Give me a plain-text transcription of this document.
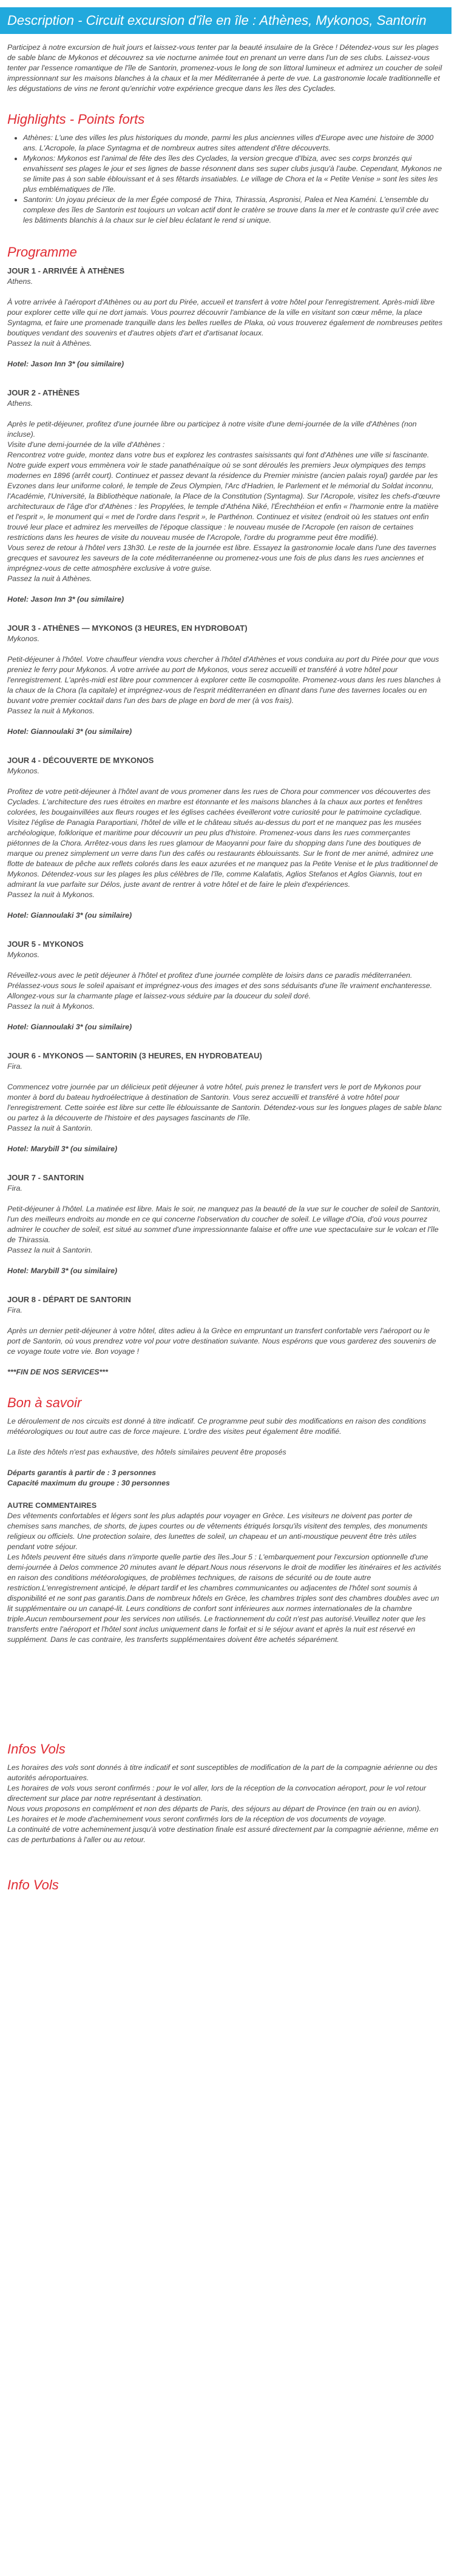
Description - Circuit excursion d'île en île : Athènes, Mykonos, Santorin

Participez à notre excursion de huit jours et laissez-vous tenter par la beauté insulaire de la Grèce ! Détendez-vous sur les plages de sable blanc de Mykonos et découvrez sa vie nocturne animée tout en prenant un verre dans l'un de ses clubs. Laissez-vous tenter par l'essence romantique de l'île de Santorin, promenez-vous le long de son littoral lumineux et admirez un coucher de soleil impressionnant sur les maisons blanches à la chaux et la mer Méditerranée à perte de vue. La gastronomie locale traditionnelle et les dégustations de vins ne feront qu'enrichir votre expérience grecque dans les îles des Cyclades.

Highlights - Points forts
• Athènes: L'une des villes les plus historiques du monde, parmi les plus anciennes villes d'Europe avec une histoire de 3000 ans. L'Acropole, la place Syntagma et de nombreux autres sites attendent d'être découverts.
• Mykonos: Mykonos est l'animal de fête des îles des Cyclades, la version grecque d'Ibiza, avec ses corps bronzés qui envahissent ses plages le jour et ses lignes de basse résonnent dans ses super clubs jusqu'à l'aube. Cependant, Mykonos ne se limite pas à son sable éblouissant et à ses fêtards insatiables. Le village de Chora et la « Petite Venise » sont les sites les plus emblématiques de l'île.
• Santorin: Un joyau précieux de la mer Égée composé de Thira, Thirassia, Aspronisi, Palea et Nea Kaméni. L'ensemble du complexe des îles de Santorin est toujours un volcan actif dont le cratère se trouve dans la mer et le contraste qu'il crée avec les bâtiments blanchis à la chaux sur le ciel bleu éclatant le rend si unique.
Programme
JOUR 1 - ARRIVÉE À ATHÈNES
Athens.

À votre arrivée à l'aéroport d'Athènes ou au port du Pirée, accueil et transfert à votre hôtel pour l'enregistrement. Après-midi libre pour explorer cette ville qui ne dort jamais. Vous pourrez découvrir l'ambiance de la ville en visitant son cœur même, la place Syntagma, et faire une promenade tranquille dans les belles ruelles de Plaka, où vous trouverez également de nombreuses petites boutiques vendant des souvenirs et d'autres objets d'art et d'artisanat locaux.

Passez la nuit à Athènes.

Hotel: Jason Inn 3* (ou similaire)
JOUR 2 - ATHÈNES
Athens.

Après le petit-déjeuner, profitez d'une journée libre ou participez à notre visite d'une demi-journée de la ville d'Athènes (non incluse).

Visite d'une demi-journée de la ville d'Athènes :

Rencontrez votre guide, montez dans votre bus et explorez les contrastes saisissants qui font d'Athènes une ville si fascinante. Notre guide expert vous emmènera voir le stade panathénaïque où se sont déroulés les premiers Jeux olympiques des temps modernes en 1896 (arrêt court). Continuez et passez devant la résidence du Premier ministre (ancien palais royal) gardée par les Evzones dans leur uniforme coloré, le temple de Zeus Olympien, l'Arc d'Hadrien, le Parlement et le mémorial du Soldat inconnu, l'Académie, l'Université, la Bibliothèque nationale, la Place de la Constitution (Syntagma). Sur l'Acropole, visitez les chefs-d'œuvre architecturaux de l'âge d'or d'Athènes : les Propylées, le temple d'Athéna Niké, l'Érechthéion et enfin « l'harmonie entre la matière et l'esprit », le monument qui « met de l'ordre dans l'esprit », le Parthénon. Continuez et visitez (endroit où les statues ont enfin trouvé leur place et admirez les merveilles de l'époque classique : le nouveau musée de l'Acropole (en raison de certaines restrictions dans les heures de visite du nouveau musée de l'Acropole, l'ordre du programme peut être modifié).

Vous serez de retour à l'hôtel vers 13h30. Le reste de la journée est libre. Essayez la gastronomie locale dans l'une des tavernes grecques et savourez les saveurs de la cote méditerranéenne ou promenez-vous une fois de plus dans les rues anciennes et imprégnez-vous de cette atmosphère exclusive à votre guise.

Passez la nuit à Athènes.

Hotel: Jason Inn 3* (ou similaire)
JOUR 3 - ATHÈNES — MYKONOS (3 HEURES, EN HYDROBOAT)
Mykonos.

Petit-déjeuner à l'hôtel. Votre chauffeur viendra vous chercher à l'hôtel d'Athènes et vous conduira au port du Pirée pour que vous preniez le ferry pour Mykonos. À votre arrivée au port de Mykonos, vous serez accueilli et transféré à votre hôtel pour l'enregistrement. L'après-midi est libre pour commencer à explorer cette île cosmopolite. Promenez-vous dans les rues blanches à la chaux de la Chora (la capitale) et imprégnez-vous de l'esprit méditerranéen en dînant dans l'une des tavernes locales ou en buvant votre premier cocktail dans l'un des bars de plage en bord de mer (à vos frais).

Passez la nuit à Mykonos.

Hotel: Giannoulaki 3* (ou similaire)
JOUR 4 - DÉCOUVERTE DE MYKONOS
Mykonos.

Profitez de votre petit-déjeuner à l'hôtel avant de vous promener dans les rues de Chora pour commencer vos découvertes des Cyclades. L'architecture des rues étroites en marbre est étonnante et les maisons blanches à la chaux aux portes et fenêtres colorées, les bougainvillées aux fleurs rouges et les églises cachées éveilleront votre curiosité pour le patrimoine cycladique. Visitez l'église de Panagia Paraportiani, l'hôtel de ville et le château situés au-dessus du port et ne manquez pas les musées archéologique, folklorique et maritime pour découvrir un peu plus d'histoire. Promenez-vous dans les rues commerçantes piétonnes de la Chora. Arrêtez-vous dans les rues glamour de Maoyanni pour faire du shopping dans l'une des boutiques de marque ou prenez simplement un verre dans l'un des cafés ou restaurants éblouissants. Sur le front de mer animé, admirez une flotte de bateaux de pêche aux reflets colorés dans les eaux azurées et ne manquez pas la Petite Venise et le plus traditionnel de Mykonos. Détendez-vous sur les plages les plus célèbres de l'île, comme Kalafatis, Aglios Stefanos et Aglos Giannis, tout en admirant la vue parfaite sur Délos, juste avant de rentrer à votre hôtel et de faire le plein d'expériences.

Passez la nuit à Mykonos.

Hotel: Giannoulaki 3* (ou similaire)
JOUR 5 - MYKONOS
Mykonos.

Réveillez-vous avec le petit déjeuner à l'hôtel et profitez d'une journée complète de loisirs dans ce paradis méditerranéen. Prélassez-vous sous le soleil apaisant et imprégnez-vous des images et des sons séduisants d'une île vraiment enchanteresse. Allongez-vous sur la charmante plage et laissez-vous séduire par la douceur du soleil doré.

Passez la nuit à Mykonos.

Hotel: Giannoulaki 3* (ou similaire)
JOUR 6 - MYKONOS — SANTORIN (3 HEURES, EN HYDROBATEAU)
Fira.

Commencez votre journée par un délicieux petit déjeuner à votre hôtel, puis prenez le transfert vers le port de Mykonos pour monter à bord du bateau hydroélectrique à destination de Santorin. Vous serez accueilli et transféré à votre hôtel pour l'enregistrement. Cette soirée est libre sur cette île éblouissante de Santorin. Détendez-vous sur les longues plages de sable blanc ou partez à la découverte de l'histoire et des paysages fascinants de l'île.

Passez la nuit à Santorin.

Hotel: Marybill 3* (ou similaire)
JOUR 7 - SANTORIN
Fira.

Petit-déjeuner à l'hôtel. La matinée est libre. Mais le soir, ne manquez pas la beauté de la vue sur le coucher de soleil de Santorin, l'un des meilleurs endroits au monde en ce qui concerne l'observation du coucher de soleil. Le village d'Oia, d'où vous pourrez admirer le coucher de soleil, est situé au sommet d'une impressionnante falaise et offre une vue spectaculaire sur le volcan et l'île de Thirassia.

Passez la nuit à Santorin.

Hotel: Marybill 3* (ou similaire)
JOUR 8 - DÉPART DE SANTORIN
Fira.

Après un dernier petit-déjeuner à votre hôtel, dites adieu à la Grèce en empruntant un transfert confortable vers l'aéroport ou le port de Santorin, où vous prendrez votre vol pour votre destination suivante. Nous espérons que vous garderez des souvenirs de ce voyage toute votre vie. Bon voyage !

***FIN DE NOS SERVICES***

Bon à savoir

Le déroulement de nos circuits est donné à titre indicatif. Ce programme peut subir des modifications en raison des conditions météorologiques ou tout autre cas de force majeure. L'ordre des visites peut également être modifié.

La liste des hôtels n'est pas exhaustive, des hôtels similaires peuvent être proposés

Départs garantis à partir de : 3 personnes

Capacité maximum du groupe : 30 personnes

AUTRE COMMENTAIRES

Des vêtements confortables et légers sont les plus adaptés pour voyager en Grèce. Les visiteurs ne doivent pas porter de chemises sans manches, de shorts, de jupes courtes ou de vêtements étriqués lorsqu'ils visitent des temples, des monuments religieux ou officiels. Une protection solaire, des lunettes de soleil, un chapeau et un anti-moustique peuvent être très utiles pendant votre séjour.

Les hôtels peuvent être situés dans n'importe quelle partie des îles.Jour 5 : L'embarquement pour l'excursion optionnelle d'une demi-journée à Delos commence 20 minutes avant le départ.Nous nous réservons le droit de modifier les itinéraires et les activités en raison des conditions météorologiques, de problèmes techniques, de raisons de sécurité ou de toute autre restriction.L'enregistrement anticipé, le départ tardif et les chambres communicantes ou adjacentes de l'hôtel sont soumis à disponibilité et ne sont pas garantis.Dans de nombreux hôtels en Grèce, les chambres triples sont des chambres doubles avec un lit supplémentaire ou un canapé-lit. Leurs conditions de confort sont inférieures aux normes internationales de la chambre triple.Aucun remboursement pour les services non utilisés. Le fractionnement du coût n'est pas autorisé.Veuillez noter que les transferts entre l'aéroport et l'hôtel sont inclus uniquement dans le forfait et si le séjour avant et après la nuit est réservé en supplément. Dans le cas contraire, les transferts supplémentaires doivent être achetés séparément.

Infos Vols

Les horaires des vols sont donnés à titre indicatif et sont susceptibles de modification de la part de la compagnie aérienne ou des autorités aéroportuaires.

Les horaires de vols vous seront confirmés : pour le vol aller, lors de la réception de la convocation aéroport, pour le vol retour directement sur place par notre représentant à destination.

Nous vous proposons en complément et non des départs de Paris, des séjours au départ de Province (en train ou en avion).

Les horaires et le mode d'acheminement vous seront confirmés lors de la réception de vos documents de voyage.

La continuité de votre acheminement jusqu'à votre destination finale est assuré directement par la compagnie aérienne, même en cas de perturbations à l'aller ou au retour.

Info Vols
